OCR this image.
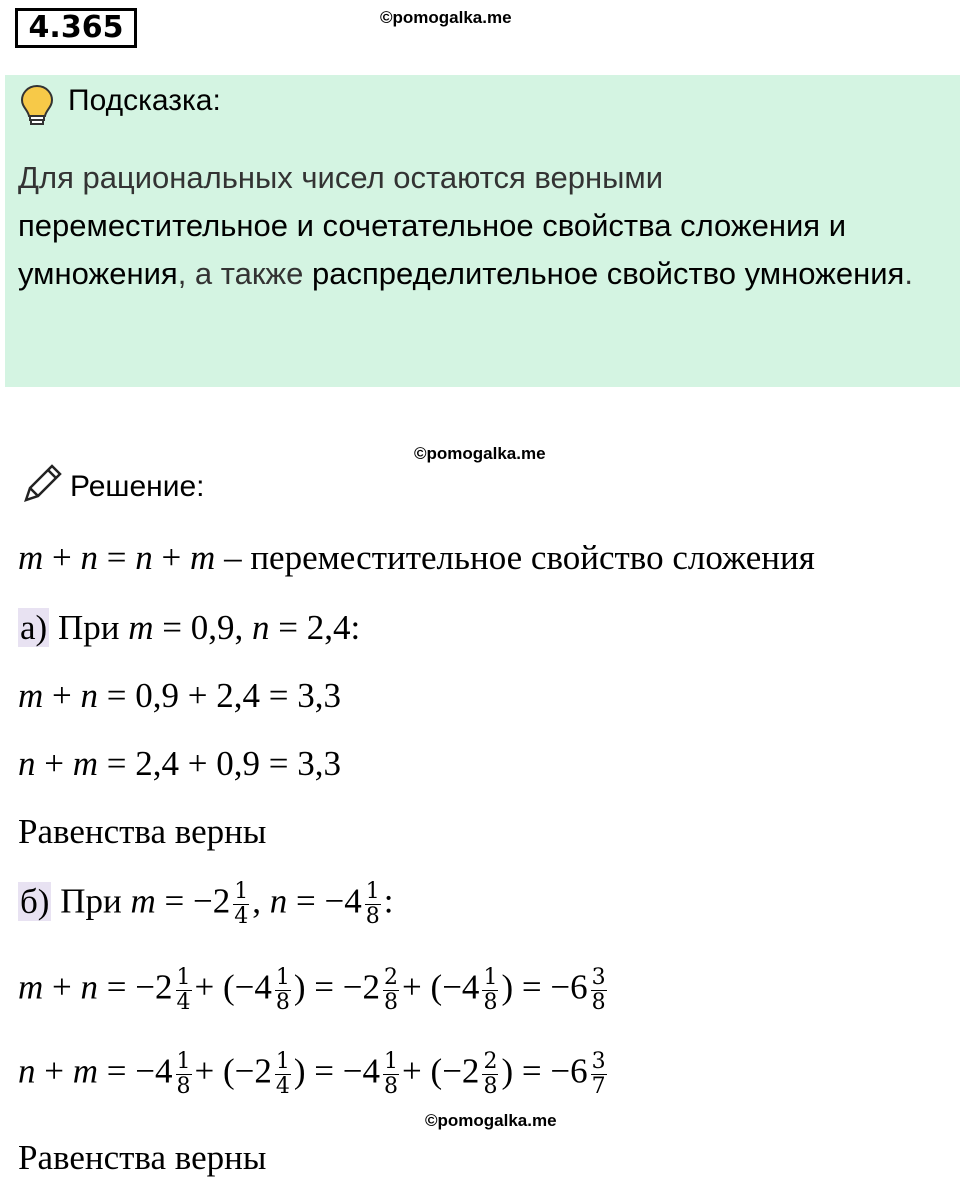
4.365	©pomogalka.me
Подсказка:
Для рациональных чисел остаются верными
переместительное и сочетательное свойства сложения и умножения, а также распределительное свойство умножения.
©pomogalka.me
Решение:
m + n = n + m – переместительное свойство сложения
а) При m = 0,9, n = 2,4:
m + n = 0,9 + 2,4 = 3,3
n + m = 2,4 + 0,9 = 3,3
Равенства верны
б) При $m = -2 \frac{1}{4}$ , $n = -4 \frac{1}{8}$ :
$m + n = -2 \frac{1}{4} + (-4 \frac{1}{8}$ ) = $-2 \frac{2}{8} + (-4 \frac{1}{8}$ ) = $-6 \frac{3}{8}$
$n + m = -4 \frac{1}{8} + (-2 \frac{1}{4}$ ) = $-4 \frac{1}{8} + (-2 \frac{2}{8}$ ) = $-6 \frac{3}{7}$
©pomogalka.me
Равенства верны
